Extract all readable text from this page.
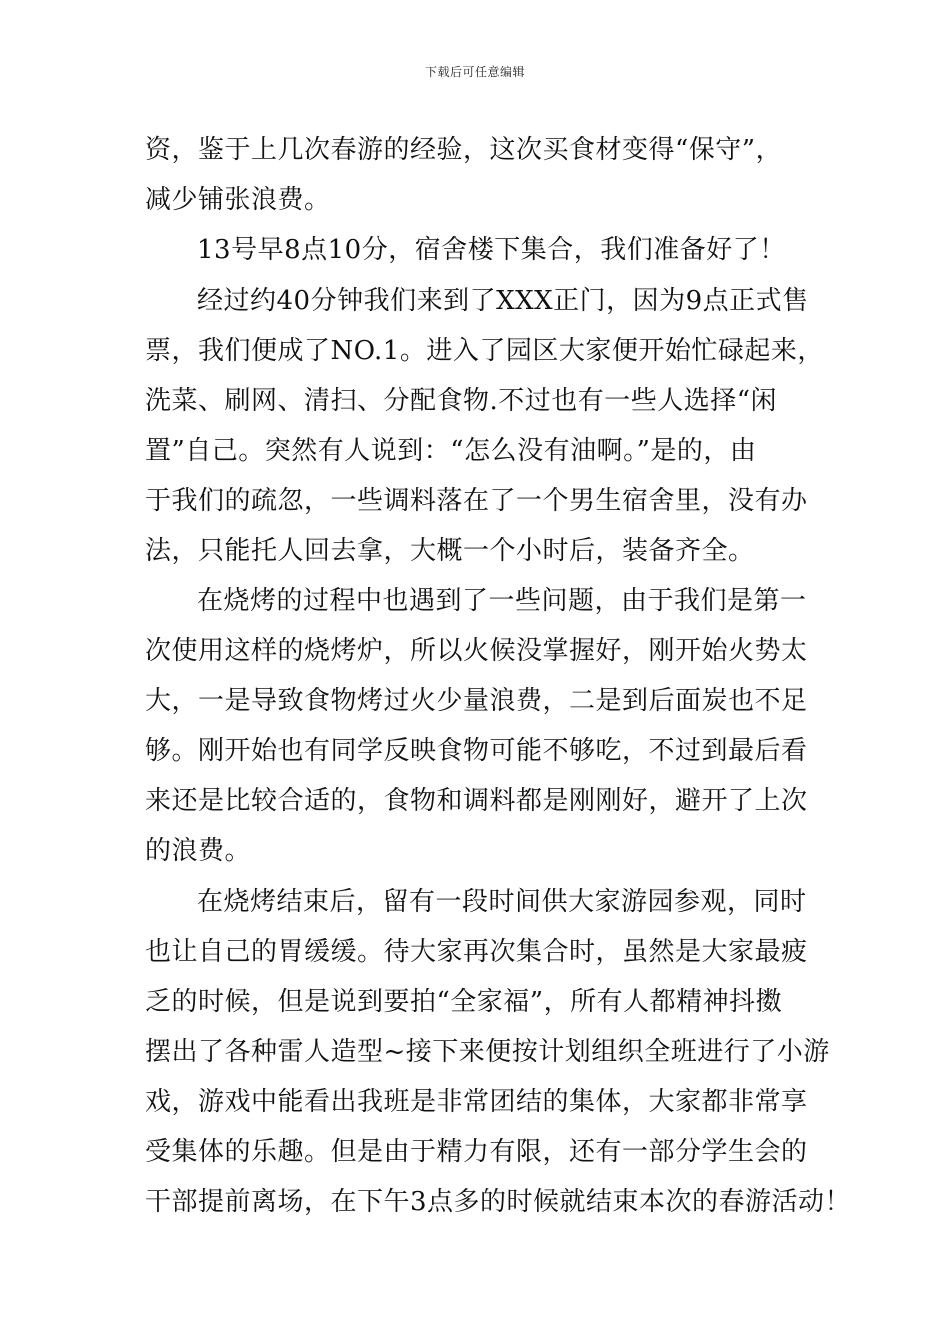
下载后可任意编辑
资，鉴于上几次春游的经验，这次买食材变得“保守”，
减少铺张浪费。
13号早8点10分，宿舍楼下集合，我们准备好了！
经过约40分钟我们来到了XXX正门，因为9点正式售
票，我们便成了NO.1。进入了园区大家便开始忙碌起来，
洗菜、刷网、清扫、分配食物.不过也有一些人选择“闲
置”自己。突然有人说到：“怎么没有油啊。”是的，由
于我们的疏忽，一些调料落在了一个男生宿舍里，没有办
法，只能托人回去拿，大概一个小时后，装备齐全。
在烧烤的过程中也遇到了一些问题，由于我们是第一
次使用这样的烧烤炉，所以火候没掌握好，刚开始火势太
大，一是导致食物烤过火少量浪费，二是到后面炭也不足
够。刚开始也有同学反映食物可能不够吃，不过到最后看
来还是比较合适的，食物和调料都是刚刚好，避开了上次
的浪费。
在烧烤结束后，留有一段时间供大家游园参观，同时
也让自己的胃缓缓。待大家再次集合时，虽然是大家最疲
乏的时候，但是说到要拍“全家福”，所有人都精神抖擞
摆出了各种雷人造型~接下来便按计划组织全班进行了小游
戏，游戏中能看出我班是非常团结的集体，大家都非常享
受集体的乐趣。但是由于精力有限，还有一部分学生会的
干部提前离场，在下午3点多的时候就结束本次的春游活动！
